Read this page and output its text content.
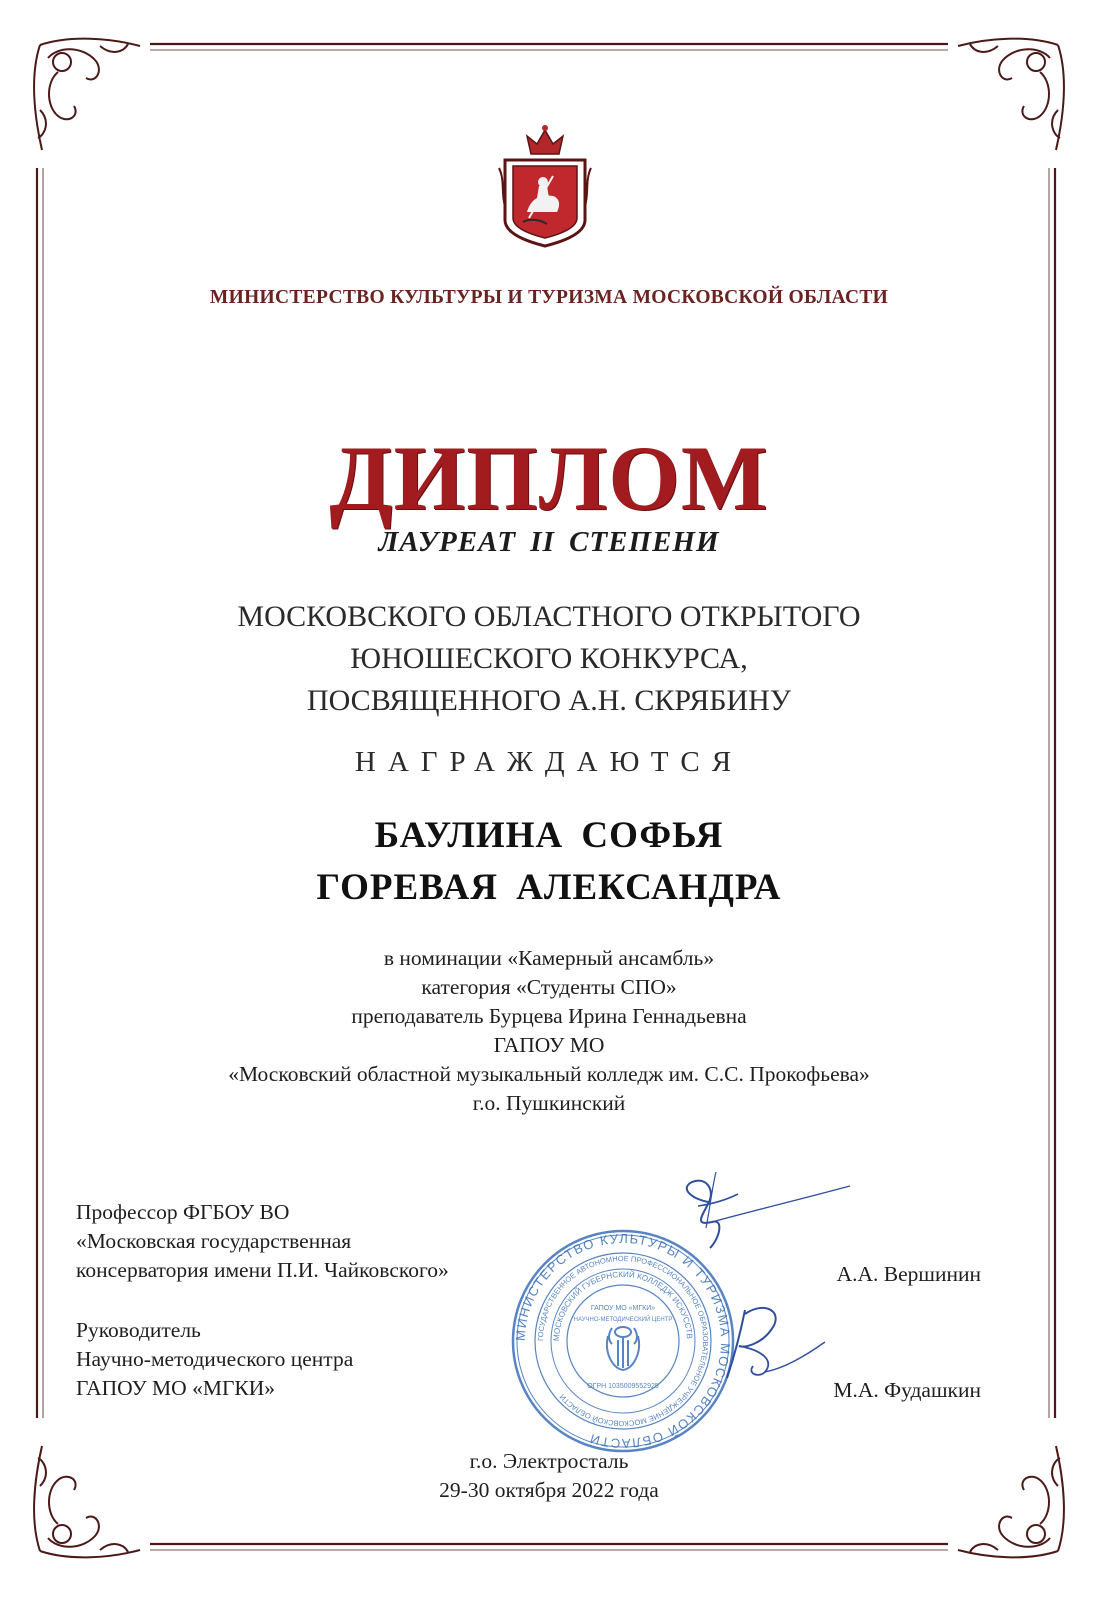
МИНИСТЕРСТВО КУЛЬТУРЫ И ТУРИЗМА МОСКОВСКОЙ ОБЛАСТИ
ДИПЛОМ
ЛАУРЕАТ II СТЕПЕНИ
МОСКОВСКОГО ОБЛАСТНОГО ОТКРЫТОГО
ЮНОШЕСКОГО КОНКУРСА,
ПОСВЯЩЕННОГО А.Н. СКРЯБИНУ
НАГРАЖДАЮТСЯ
БАУЛИНА СОФЬЯ
ГОРЕВАЯ АЛЕКСАНДРА
в номинации «Камерный ансамбль»
категория «Студенты СПО»
преподаватель Бурцева Ирина Геннадьевна
ГАПОУ МО
«Московский областной музыкальный колледж им. С.С. Прокофьева»
г.о. Пушкинский
МИНИСТЕРСТВО КУЛЬТУРЫ И ТУРИЗМА МОСКОВСКОЙ ОБЛАСТИ
ГОСУДАРСТВЕННОЕ АВТОНОМНОЕ ПРОФЕССИОНАЛЬНОЕ ОБРАЗОВАТЕЛЬНОЕ УЧРЕЖДЕНИЕ МОСКОВСКОЙ ОБЛАСТИ
МОСКОВСКИЙ ГУБЕРНСКИЙ КОЛЛЕДЖ ИСКУССТВ
ГАПОУ МО «МГКИ»
НАУЧНО-МЕТОДИЧЕСКИЙ ЦЕНТР
ОГРН 1035009552925
Профессор ФГБОУ ВО
«Московская государственная
консерватория имени П.И. Чайковского»	А.А. Вершинин
Руководитель
Научно-методического центра
ГАПОУ МО «МГКИ»	М.А. Фудашкин
г.о. Электросталь
29-30 октября 2022 года
